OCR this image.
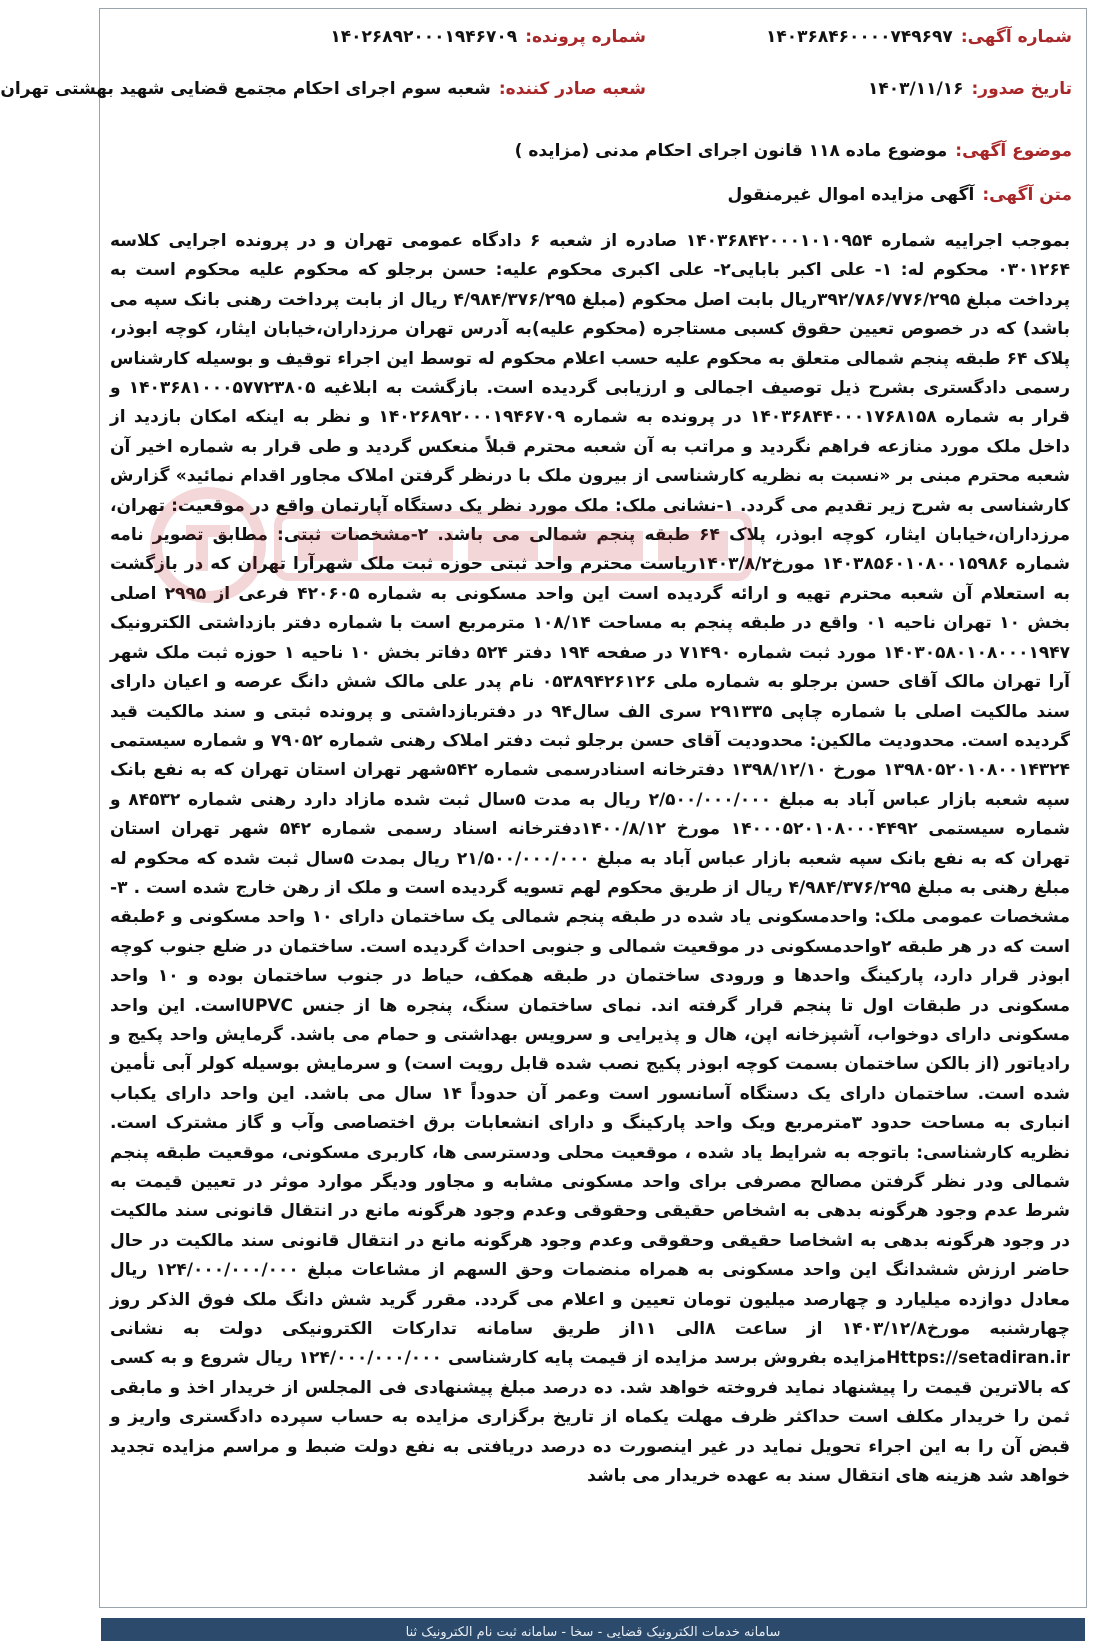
شماره آگهی:
۱۴۰۳۶۸۴۶۰۰۰۰۷۴۹۶۹۷
شماره پرونده:
۱۴۰۲۶۸۹۲۰۰۰۱۹۴۶۷۰۹
تاریخ صدور:
۱۴۰۳/۱۱/۱۶
شعبه صادر کننده:
شعبه سوم اجرای احکام مجتمع قضایی شهید بهشتی تهران
موضوع آگهی:
موضوع ماده ۱۱۸ قانون اجرای احکام مدنی (مزایده )
متن آگهی:
آگهی مزایده اموال غیرمنقول

بموجب اجراییه شماره ۱۴۰۳۶۸۴۲۰۰۰۱۰۱۰۹۵۴ صادره از شعبه ۶ دادگاه عمومی تهران و در پرونده اجرایی کلاسه ۰۳۰۱۲۶۴ محکوم له: ۱- علی اکبر بابایی۲- علی اکبری محکوم علیه: حسن برجلو که محکوم علیه محکوم است به پرداخت مبلغ ۳۹۲/۷۸۶/۷۷۶/۲۹۵ریال بابت اصل محکوم (مبلغ ۴/۹۸۴/۳۷۶/۲۹۵ ریال از بابت پرداخت رهنی بانک سپه می باشد) که در خصوص تعیین حقوق کسبی مستاجره (محکوم علیه)به آدرس تهران مرزداران،خیابان ایثار، کوچه ابوذر، پلاک ۶۴ طبقه پنجم شمالی متعلق به محکوم علیه حسب اعلام محکوم له توسط این اجراء توقیف و بوسیله کارشناس رسمی دادگستری بشرح ذیل توصیف اجمالی و ارزیابی گردیده است. بازگشت به ابلاغیه ۱۴۰۳۶۸۱۰۰۰۵۷۷۲۳۸۰۵ و قرار به شماره ۱۴۰۳۶۸۴۴۰۰۰۱۷۶۸۱۵۸ در پرونده به شماره ۱۴۰۲۶۸۹۲۰۰۰۱۹۴۶۷۰۹ و نظر به اینکه امکان بازدید از داخل ملک مورد منازعه فراهم نگردید و مراتب به آن شعبه محترم قبلاً منعکس گردید و طی قرار به شماره اخیر آن شعبه محترم مبنی بر «نسبت به نظریه کارشناسی از بیرون ملک با درنظر گرفتن املاک مجاور اقدام نمائید» گزارش کارشناسی به شرح زیر تقدیم می گردد. ۱-نشانی ملک: ملک مورد نظر یک دستگاه آپارتمان واقع در موقعیت: تهران، مرزداران،خیابان ایثار، کوچه ابوذر، پلاک ۶۴ طبقه پنجم شمالی می باشد. ۲-مشخصات ثبتی: مطابق تصویر نامه شماره ۱۴۰۳۸۵۶۰۱۰۸۰۰۱۵۹۸۶ مورخ۱۴۰۳/۸/۲ریاست محترم واحد ثبتی حوزه ثبت ملک شهرآرا تهران که در بازگشت به استعلام آن شعبه محترم تهیه و ارائه گردیده است این واحد مسکونی به شماره ۴۲۰۶۰۵ فرعی از ۲۹۹۵ اصلی بخش ۱۰ تهران ناحیه ۰۱ واقع در طبقه پنجم به مساحت ۱۰۸/۱۴ مترمربع است با شماره دفتر بازداشتی الکترونیک ۱۴۰۳۰۵۸۰۱۰۸۰۰۰۱۹۴۷ مورد ثبت شماره ۷۱۴۹۰ در صفحه ۱۹۴ دفتر ۵۲۴ دفاتر بخش ۱۰ ناحیه ۱ حوزه ثبت ملک شهر آرا تهران مالک آقای حسن برجلو به شماره ملی ۰۵۳۸۹۴۲۶۱۲۶ نام پدر علی مالک شش دانگ عرصه و اعیان دارای سند مالکیت اصلی با شماره چاپی ۲۹۱۳۳۵ سری الف سال۹۴ در دفتربازداشتی و پرونده ثبتی و سند مالکیت قید گردیده است. محدودیت مالکین: محدودیت آقای حسن برجلو ثبت دفتر املاک رهنی شماره ۷۹۰۵۲ و شماره سیستمی ۱۳۹۸۰۵۲۰۱۰۸۰۰۱۴۳۲۴ مورخ ۱۳۹۸/۱۲/۱۰ دفترخانه اسنادرسمی شماره ۵۴۲شهر تهران استان تهران که به نفع بانک سپه شعبه بازار عباس آباد به مبلغ ۲/۵۰۰/۰۰۰/۰۰۰ ریال به مدت ۵سال ثبت شده مازاد دارد رهنی شماره ۸۴۵۳۲ و شماره سیستمی ۱۴۰۰۰۵۲۰۱۰۸۰۰۰۴۴۹۲ مورخ ۱۴۰۰/۸/۱۲دفترخانه اسناد رسمی شماره ۵۴۲ شهر تهران استان تهران که به نفع بانک سپه شعبه بازار عباس آباد به مبلغ ۲۱/۵۰۰/۰۰۰/۰۰۰ ریال بمدت ۵سال ثبت شده که محکوم له مبلغ رهنی به مبلغ ۴/۹۸۴/۳۷۶/۲۹۵ ریال از طریق محکوم لهم تسویه گردیده است و ملک از رهن خارج شده است . ۳-مشخصات عمومی ملک: واحدمسکونی یاد شده در طبقه پنجم شمالی یک ساختمان دارای ۱۰ واحد مسکونی و ۶طبقه است که در هر طبقه ۲واحدمسکونی در موقعیت شمالی و جنوبی احداث گردیده است. ساختمان در ضلع جنوب کوچه ابوذر قرار دارد، پارکینگ واحدها و ورودی ساختمان در طبقه همکف، حیاط در جنوب ساختمان بوده و ۱۰ واحد مسکونی در طبقات اول تا پنجم قرار گرفته اند. نمای ساختمان سنگ، پنجره ها از جنس UPVCاست. این واحد مسکونی دارای دوخواب، آشپزخانه اپن، هال و پذیرایی و سرویس بهداشتی و حمام می باشد. گرمایش واحد پکیج و رادیاتور (از بالکن ساختمان بسمت کوچه ابوذر پکیج نصب شده قابل رویت است) و سرمایش بوسیله کولر آبی تأمین شده است. ساختمان دارای یک دستگاه آسانسور است وعمر آن حدوداً ۱۴ سال می باشد. این واحد دارای یکباب انباری به مساحت حدود ۳مترمربع ویک واحد پارکینگ و دارای انشعابات برق اختصاصی وآب و گاز مشترک است. نظریه کارشناسی: باتوجه به شرایط یاد شده ، موقعیت محلی ودسترسی ها، کاربری مسکونی، موقعیت طبقه پنجم شمالی ودر نظر گرفتن مصالح مصرفی برای واحد مسکونی مشابه و مجاور ودیگر موارد موثر در تعیین قیمت به شرط عدم وجود هرگونه بدهی به اشخاص حقیقی وحقوقی وعدم وجود هرگونه مانع در انتقال قانونی سند مالکیت در وجود هرگونه بدهی به اشخاصا حقیقی وحقوقی وعدم وجود هرگونه مانع در انتقال قانونی سند مالکیت در حال حاضر ارزش ششدانگ این واحد مسکونی به همراه منضمات وحق السهم از مشاعات مبلغ ۱۲۴/۰۰۰/۰۰۰/۰۰۰ ریال معادل دوازده میلیارد و چهارصد میلیون تومان تعیین و اعلام می گردد. مقرر گرید شش دانگ ملک فوق الذکر روز چهارشنبه مورخ۱۴۰۳/۱۲/۸ از ساعت ۸الی ۱۱از طریق سامانه تدارکات الکترونیکی دولت به نشانی Https://setadiran.irمزایده بفروش برسد مزایده از قیمت پایه کارشناسی ۱۲۴/۰۰۰/۰۰۰/۰۰۰ ریال شروع و به کسی که بالاترین قیمت را پیشنهاد نماید فروخته خواهد شد. ده درصد مبلغ پیشنهادی فی المجلس از خریدار اخذ و مابقی ثمن را خریدار مکلف است حداکثر ظرف مهلت یکماه از تاریخ برگزاری مزایده به حساب سپرده دادگستری واریز و قبض آن را به این اجراء تحویل نماید در غیر اینصورت ده درصد دریافتی به نفع دولت ضبط و مراسم مزایده تجدید خواهد شد هزینه های انتقال سند به عهده خریدار می باشد

سامانه خدمات الکترونیک قضایی - سخا - سامانه ثبت نام الکترونیک ثنا
